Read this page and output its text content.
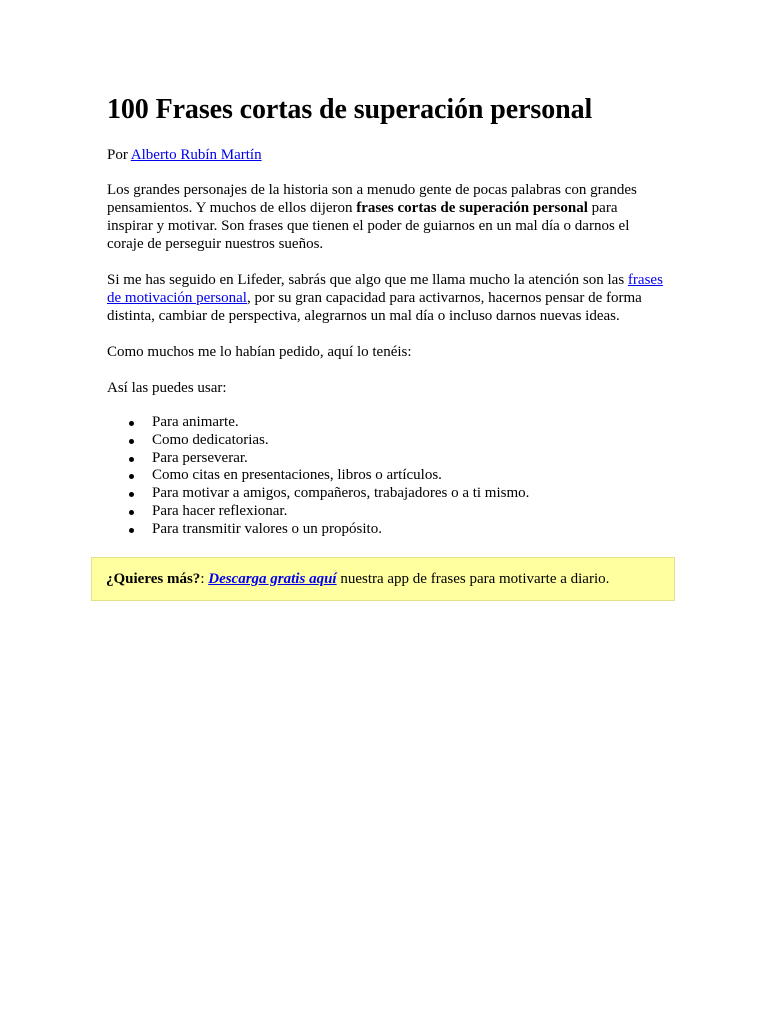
100 Frases cortas de superación personal

Por Alberto Rubín Martín

Los grandes personajes de la historia son a menudo gente de pocas palabras con grandes pensamientos. Y muchos de ellos dijeron frases cortas de superación personal para inspirar y motivar. Son frases que tienen el poder de guiarnos en un mal día o darnos el coraje de perseguir nuestros sueños.

Si me has seguido en Lifeder, sabrás que algo que me llama mucho la atención son las frases de motivación personal, por su gran capacidad para activarnos, hacernos pensar de forma distinta, cambiar de perspectiva, alegrarnos un mal día o incluso darnos nuevas ideas.

Como muchos me lo habían pedido, aquí lo tenéis:

Así las puedes usar:

Para animarte.
Como dedicatorias.
Para perseverar.
Como citas en presentaciones, libros o artículos.
Para motivar a amigos, compañeros, trabajadores o a ti mismo.
Para hacer reflexionar.
Para transmitir valores o un propósito.

¿Quieres más?: Descarga gratis aquí nuestra app de frases para motivarte a diario.
